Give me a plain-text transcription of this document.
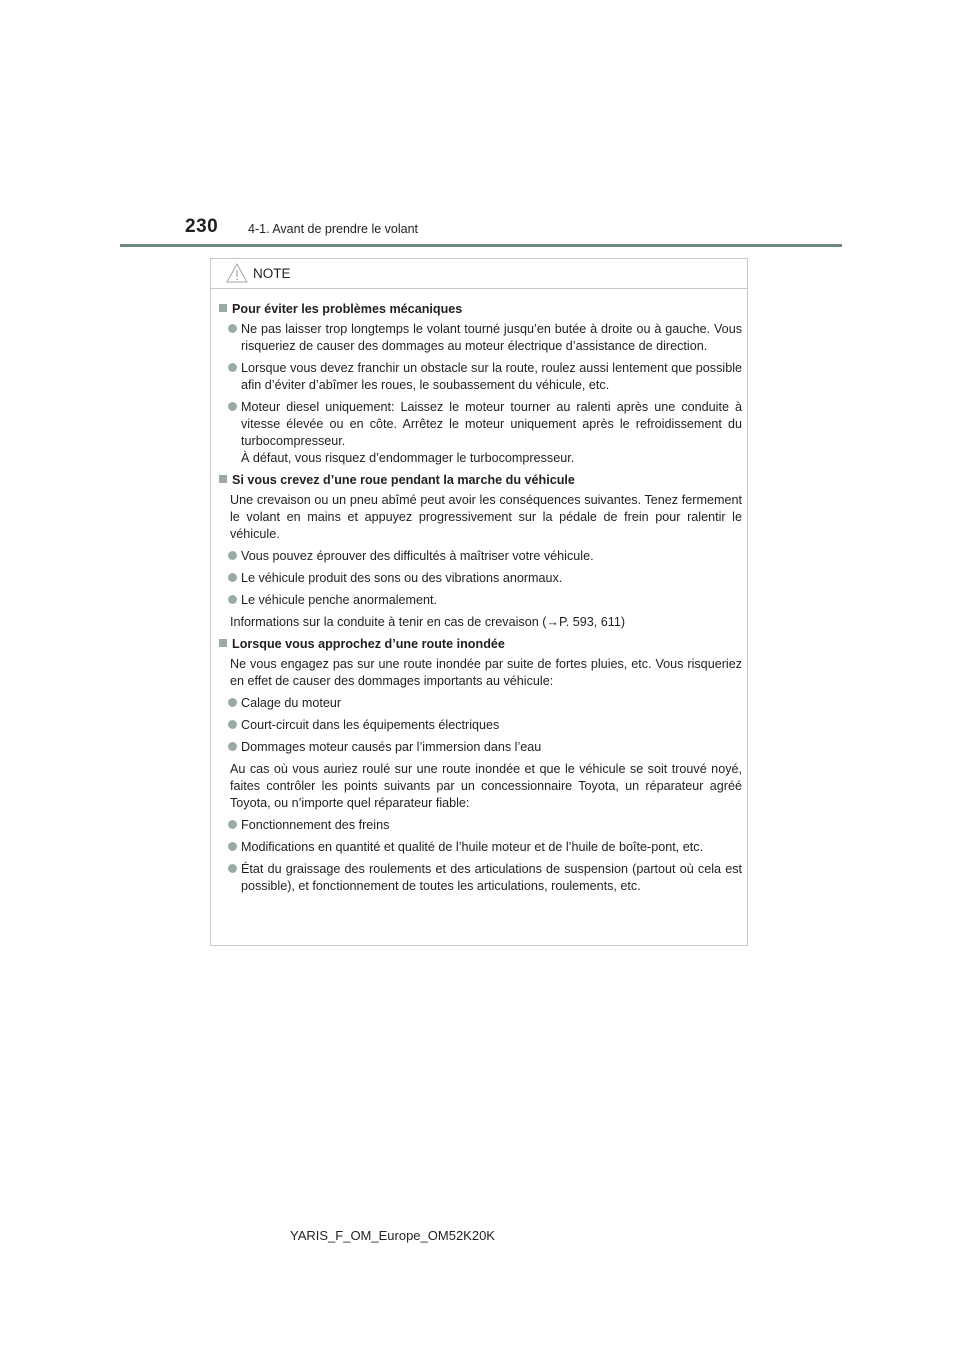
230 4-1. Avant de prendre le volant
NOTE
Pour éviter les problèmes mécaniques
Ne pas laisser trop longtemps le volant tourné jusqu’en butée à droite ou à gauche. Vous risqueriez de causer des dommages au moteur électrique d’assistance de direction.
Lorsque vous devez franchir un obstacle sur la route, roulez aussi lentement que possible afin d’éviter d’abîmer les roues, le soubassement du véhicule, etc.
Moteur diesel uniquement: Laissez le moteur tourner au ralenti après une conduite à vitesse élevée ou en côte. Arrêtez le moteur uniquement après le refroidissement du turbocompresseur.
À défaut, vous risquez d’endommager le turbocompresseur.
Si vous crevez d’une roue pendant la marche du véhicule
Une crevaison ou un pneu abîmé peut avoir les conséquences suivantes. Tenez fermement le volant en mains et appuyez progressivement sur la pédale de frein pour ralentir le véhicule.
Vous pouvez éprouver des difficultés à maîtriser votre véhicule.
Le véhicule produit des sons ou des vibrations anormaux.
Le véhicule penche anormalement.
Informations sur la conduite à tenir en cas de crevaison (→P. 593, 611)
Lorsque vous approchez d’une route inondée
Ne vous engagez pas sur une route inondée par suite de fortes pluies, etc. Vous risqueriez en effet de causer des dommages importants au véhicule:
Calage du moteur
Court-circuit dans les équipements électriques
Dommages moteur causés par l’immersion dans l’eau
Au cas où vous auriez roulé sur une route inondée et que le véhicule se soit trouvé noyé, faites contrôler les points suivants par un concessionnaire Toyota, un réparateur agréé Toyota, ou n’importe quel réparateur fiable:
Fonctionnement des freins
Modifications en quantité et qualité de l’huile moteur et de l’huile de boîte-pont, etc.
État du graissage des roulements et des articulations de suspension (partout où cela est possible), et fonctionnement de toutes les articulations, roulements, etc.
YARIS_F_OM_Europe_OM52K20K
